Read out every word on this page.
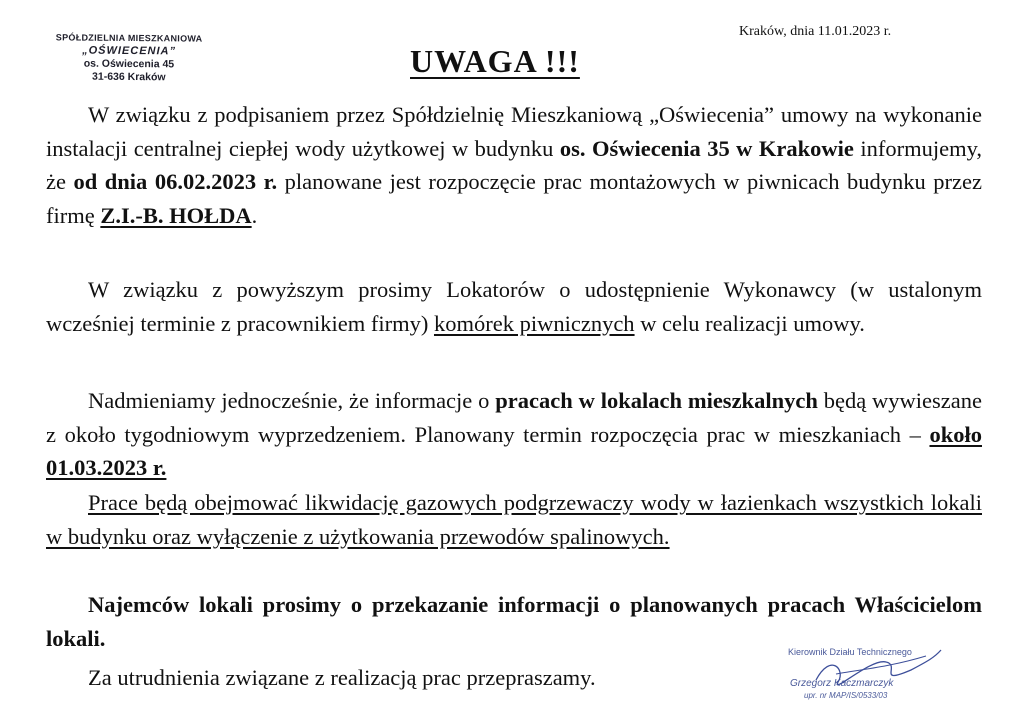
SPÓŁDZIELNIA MIESZKANIOWA
„OŚWIECENIA”
os. Oświecenia 45
31-636 Kraków
Kraków, dnia 11.01.2023 r.
UWAGA !!!
W związku z podpisaniem przez Spółdzielnię Mieszkaniową „Oświecenia” umowy na wykonanie instalacji centralnej ciepłej wody użytkowej w budynku os. Oświecenia 35 w Krakowie informujemy, że od dnia 06.02.2023 r. planowane jest rozpoczęcie prac montażowych w piwnicach budynku przez firmę Z.I.-B. HOŁDA.
W związku z powyższym prosimy Lokatorów o udostępnienie Wykonawcy (w ustalonym wcześniej terminie z pracownikiem firmy) komórek piwnicznych w celu realizacji umowy.
Nadmieniamy jednocześnie, że informacje o pracach w lokalach mieszkalnych będą wywieszane z około tygodniowym wyprzedzeniem. Planowany termin rozpoczęcia prac w mieszkaniach – około 01.03.2023 r.
Prace będą obejmować likwidację gazowych podgrzewaczy wody w łazienkach wszystkich lokali w budynku oraz wyłączenie z użytkowania przewodów spalinowych.
Najemców lokali prosimy o przekazanie informacji o planowanych pracach Właścicielom lokali.
Za utrudnienia związane z realizacją prac przepraszamy.
Kierownik Działu Technicznego
Grzegorz Kaczmarczyk
upr. nr MAP/IS/0533/03
